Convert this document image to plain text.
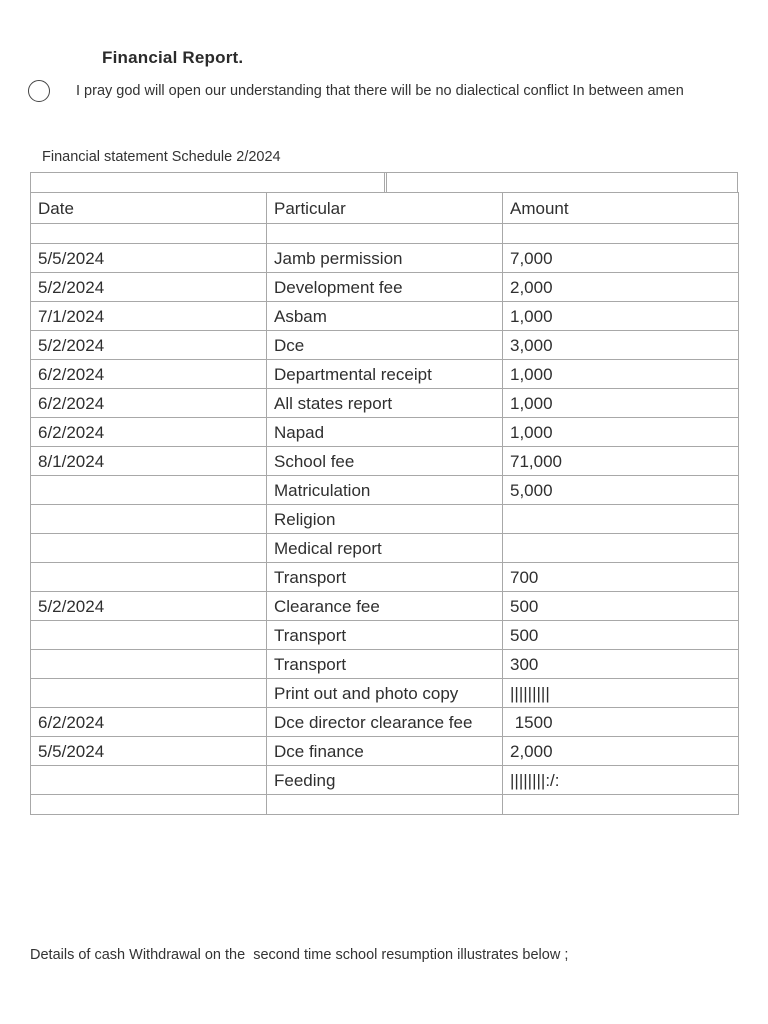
Financial Report.
I pray god will open our understanding that there will be no dialectical conflict In between amen
Financial statement Schedule 2/2024
Date	Particular	Amount

5/5/2024	Jamb permission	7,000
5/2/2024	Development fee	2,000
7/1/2024	Asbam	1,000
5/2/2024	Dce	3,000
6/2/2024	Departmental receipt	1,000
6/2/2024	All states report	1,000
6/2/2024	Napad	1,000
8/1/2024	School fee	71,000
	Matriculation	5,000
	Religion	
	Medical report	
	Transport	700
5/2/2024	Clearance fee	500
	Transport	500
	Transport	300
	Print out and photo copy	|||||||||
6/2/2024	Dce director clearance fee	1500
5/5/2024	Dce finance	2,000
	Feeding	||||||||:/:

Details of cash Withdrawal on the  second time school resumption illustrates below ;
